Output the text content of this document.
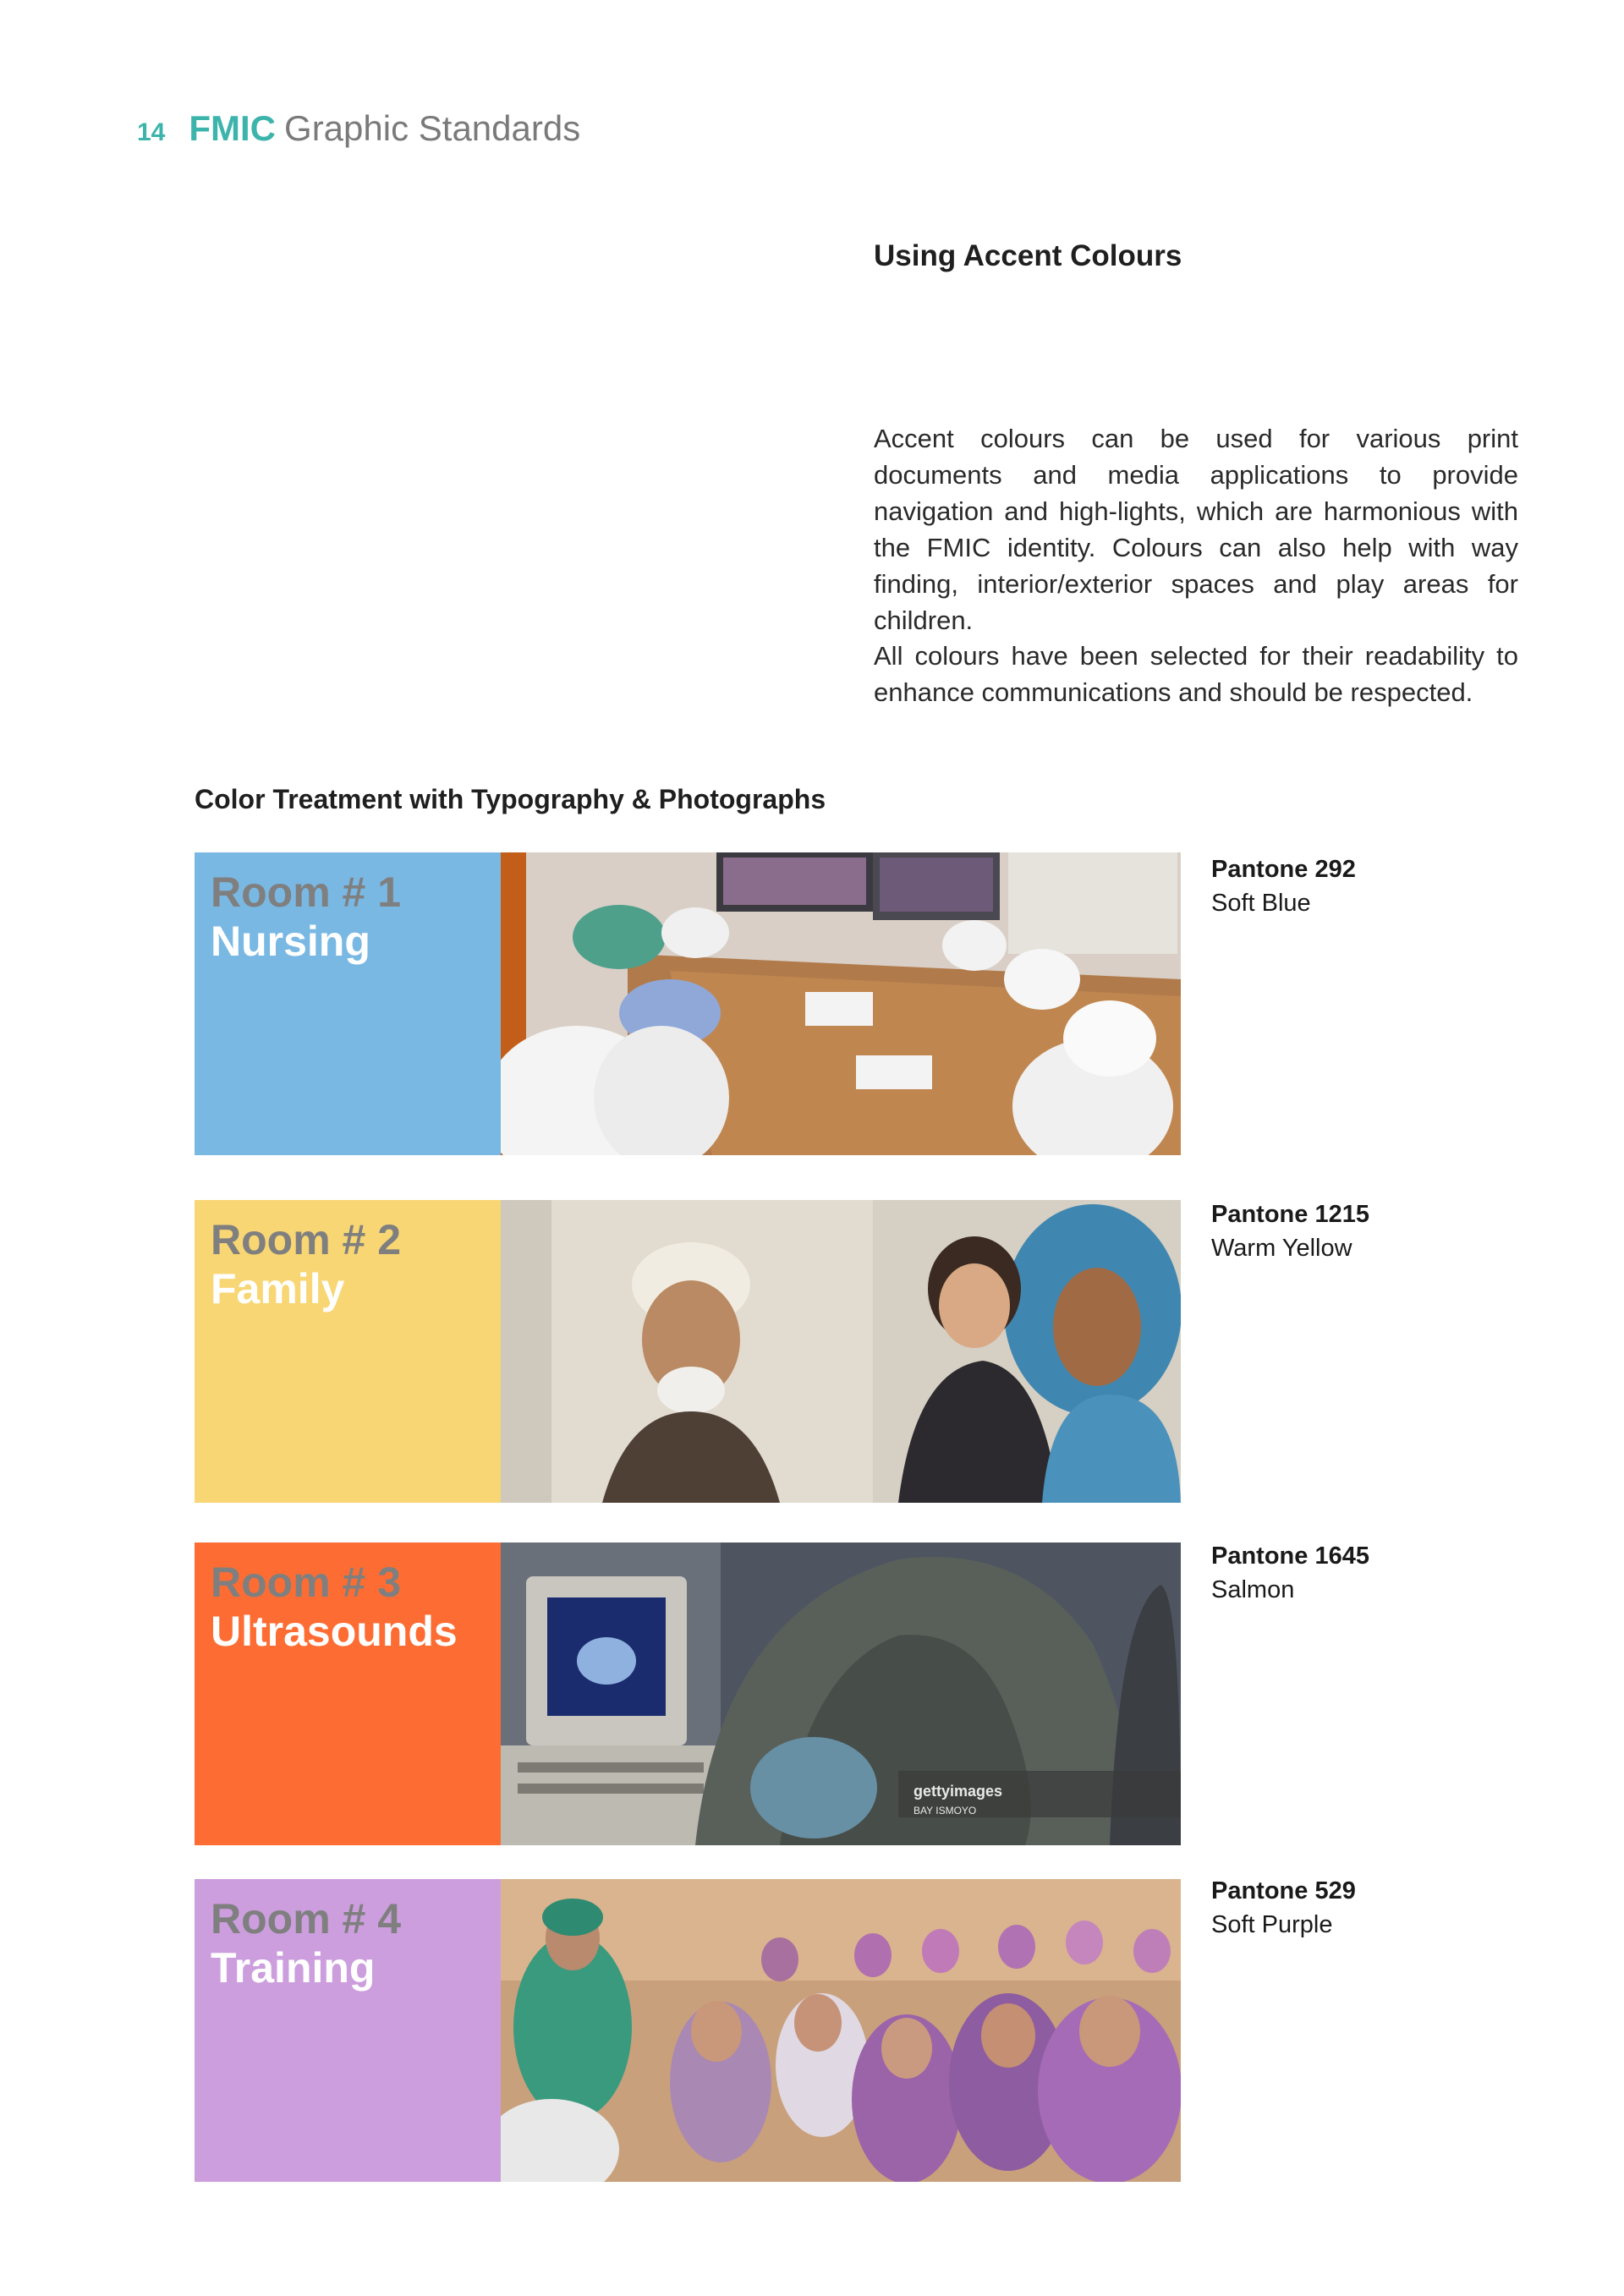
14 FMIC Graphic Standards
Using Accent Colours
Accent colours can be used for various print documents and media applications to provide navigation and high-lights, which are harmonious with the FMIC identity. Colours can also help with way finding, interior/exterior spaces and play areas for children.
All colours have been selected for their readability to enhance communications and should be respected.
Color Treatment with Typography & Photographs
Room # 1
Nursing
Pantone 292
Soft Blue
Room # 2
Family
Pantone 1215
Warm Yellow
Room # 3
Ultrasounds
Pantone 1645
Salmon
gettyimages
BAY ISMOYO
Room # 4
Training
Pantone 529
Soft Purple
